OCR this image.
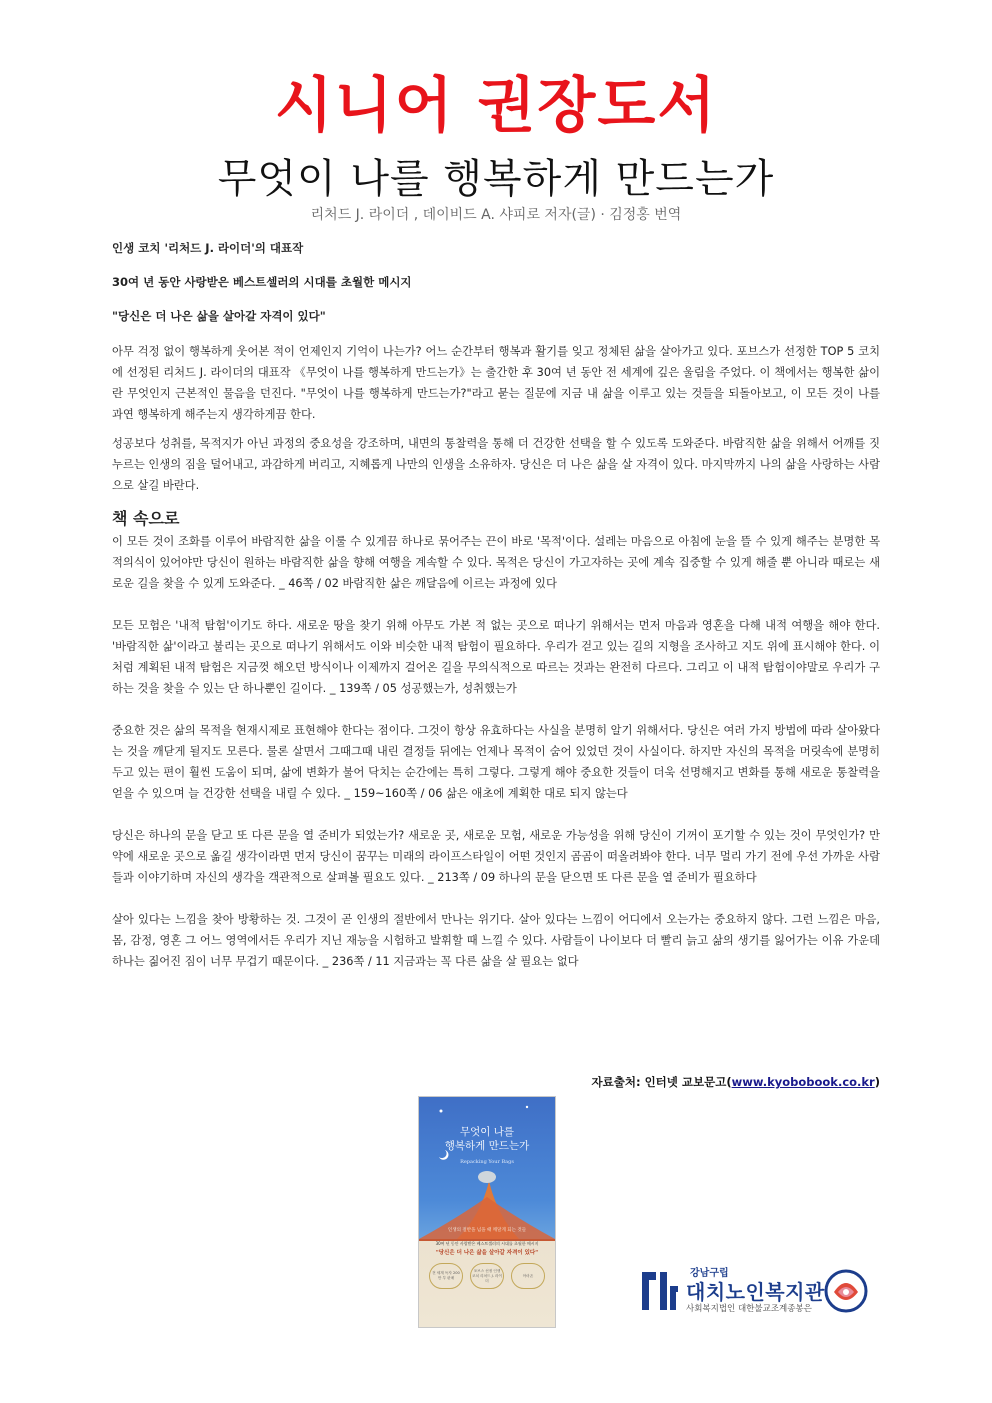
시니어 권장도서
무엇이 나를 행복하게 만드는가
리처드 J. 라이더 , 데이비드 A. 샤피로 저자(글) · 김정홍 번역

인생 코치 '리처드 J. 라이더'의 대표작

30여 년 동안 사랑받은 베스트셀러의 시대를 초월한 메시지

"당신은 더 나은 삶을 살아갈 자격이 있다"

아무 걱정 없이 행복하게 웃어본 적이 언제인지 기억이 나는가? 어느 순간부터 행복과 활기를 잊고 정체된 삶을 살아가고 있다. 포브스가 선정한 TOP 5 코치에 선정된 리처드 J. 라이더의 대표작 《무엇이 나를 행복하게 만드는가》는 출간한 후 30여 년 동안 전 세계에 깊은 울림을 주었다. 이 책에서는 행복한 삶이란 무엇인지 근본적인 물음을 던진다. "무엇이 나를 행복하게 만드는가?"라고 묻는 질문에 지금 내 삶을 이루고 있는 것들을 되돌아보고, 이 모든 것이 나를 과연 행복하게 해주는지 생각하게끔 한다.

성공보다 성취를, 목적지가 아닌 과정의 중요성을 강조하며, 내면의 통찰력을 통해 더 건강한 선택을 할 수 있도록 도와준다. 바람직한 삶을 위해서 어깨를 짓누르는 인생의 짐을 덜어내고, 과감하게 버리고, 지혜롭게 나만의 인생을 소유하자. 당신은 더 나은 삶을 살 자격이 있다. 마지막까지 나의 삶을 사랑하는 사람으로 살길 바란다.

책 속으로

이 모든 것이 조화를 이루어 바람직한 삶을 이룰 수 있게끔 하나로 묶어주는 끈이 바로 '목적'이다. 설레는 마음으로 아침에 눈을 뜰 수 있게 해주는 분명한 목적의식이 있어야만 당신이 원하는 바람직한 삶을 향해 여행을 계속할 수 있다. 목적은 당신이 가고자하는 곳에 계속 집중할 수 있게 해줄 뿐 아니라 때로는 새로운 길을 찾을 수 있게 도와준다. _ 46쪽 / 02 바람직한 삶은 깨달음에 이르는 과정에 있다

모든 모험은 '내적 탐험'이기도 하다. 새로운 땅을 찾기 위해 아무도 가본 적 없는 곳으로 떠나기 위해서는 먼저 마음과 영혼을 다해 내적 여행을 해야 한다. '바람직한 삶'이라고 불리는 곳으로 떠나기 위해서도 이와 비슷한 내적 탐험이 필요하다. 우리가 걷고 있는 길의 지형을 조사하고 지도 위에 표시해야 한다. 이처럼 계획된 내적 탐험은 지금껏 해오던 방식이나 이제까지 걸어온 길을 무의식적으로 따르는 것과는 완전히 다르다. 그리고 이 내적 탐험이야말로 우리가 구하는 것을 찾을 수 있는 단 하나뿐인 길이다. _ 139쪽 / 05 성공했는가, 성취했는가

중요한 것은 삶의 목적을 현재시제로 표현해야 한다는 점이다. 그것이 항상 유효하다는 사실을 분명히 알기 위해서다. 당신은 여러 가지 방법에 따라 살아왔다는 것을 깨닫게 될지도 모른다. 물론 살면서 그때그때 내린 결정들 뒤에는 언제나 목적이 숨어 있었던 것이 사실이다. 하지만 자신의 목적을 머릿속에 분명히 두고 있는 편이 훨씬 도움이 되며, 삶에 변화가 불어 닥치는 순간에는 특히 그렇다. 그렇게 해야 중요한 것들이 더욱 선명해지고 변화를 통해 새로운 통찰력을 얻을 수 있으며 늘 건강한 선택을 내릴 수 있다. _ 159~160쪽 / 06 삶은 애초에 계획한 대로 되지 않는다

당신은 하나의 문을 닫고 또 다른 문을 열 준비가 되었는가? 새로운 곳, 새로운 모험, 새로운 가능성을 위해 당신이 기꺼이 포기할 수 있는 것이 무엇인가? 만약에 새로운 곳으로 옮길 생각이라면 먼저 당신이 꿈꾸는 미래의 라이프스타일이 어떤 것인지 곰곰이 떠올려봐야 한다. 너무 멀리 가기 전에 우선 가까운 사람들과 이야기하며 자신의 생각을 객관적으로 살펴볼 필요도 있다. _ 213쪽 / 09 하나의 문을 닫으면 또 다른 문을 열 준비가 필요하다

살아 있다는 느낌을 찾아 방황하는 것. 그것이 곧 인생의 절반에서 만나는 위기다. 살아 있다는 느낌이 어디에서 오는가는 중요하지 않다. 그런 느낌은 마음, 몸, 감정, 영혼 그 어느 영역에서든 우리가 지닌 재능을 시험하고 발휘할 때 느낄 수 있다. 사람들이 나이보다 더 빨리 늙고 삶의 생기를 잃어가는 이유 가운데 하나는 짊어진 짐이 너무 무겁기 때문이다. _ 236쪽 / 11 지금과는 꼭 다른 삶을 살 필요는 없다

자료출처: 인터넷 교보문고(www.kyobobook.co.kr)
무엇이 나를
행복하게 만드는가
Repacking Your Bags
인생의 절반을 넘을 때 깨달게 되는 것들
30여 년 동안 사랑받은 베스트셀러의 시대를 초월한 메시지
"당신은 더 나은 삶을 살아갈 자격이 있다"
전 세계 독자 200만 부 판매
포브스 선정 인생 코치 리처드 J. 라이더
아마존	강남구립
대치노인복지관
사회복지법인 대한불교조계종봉은
